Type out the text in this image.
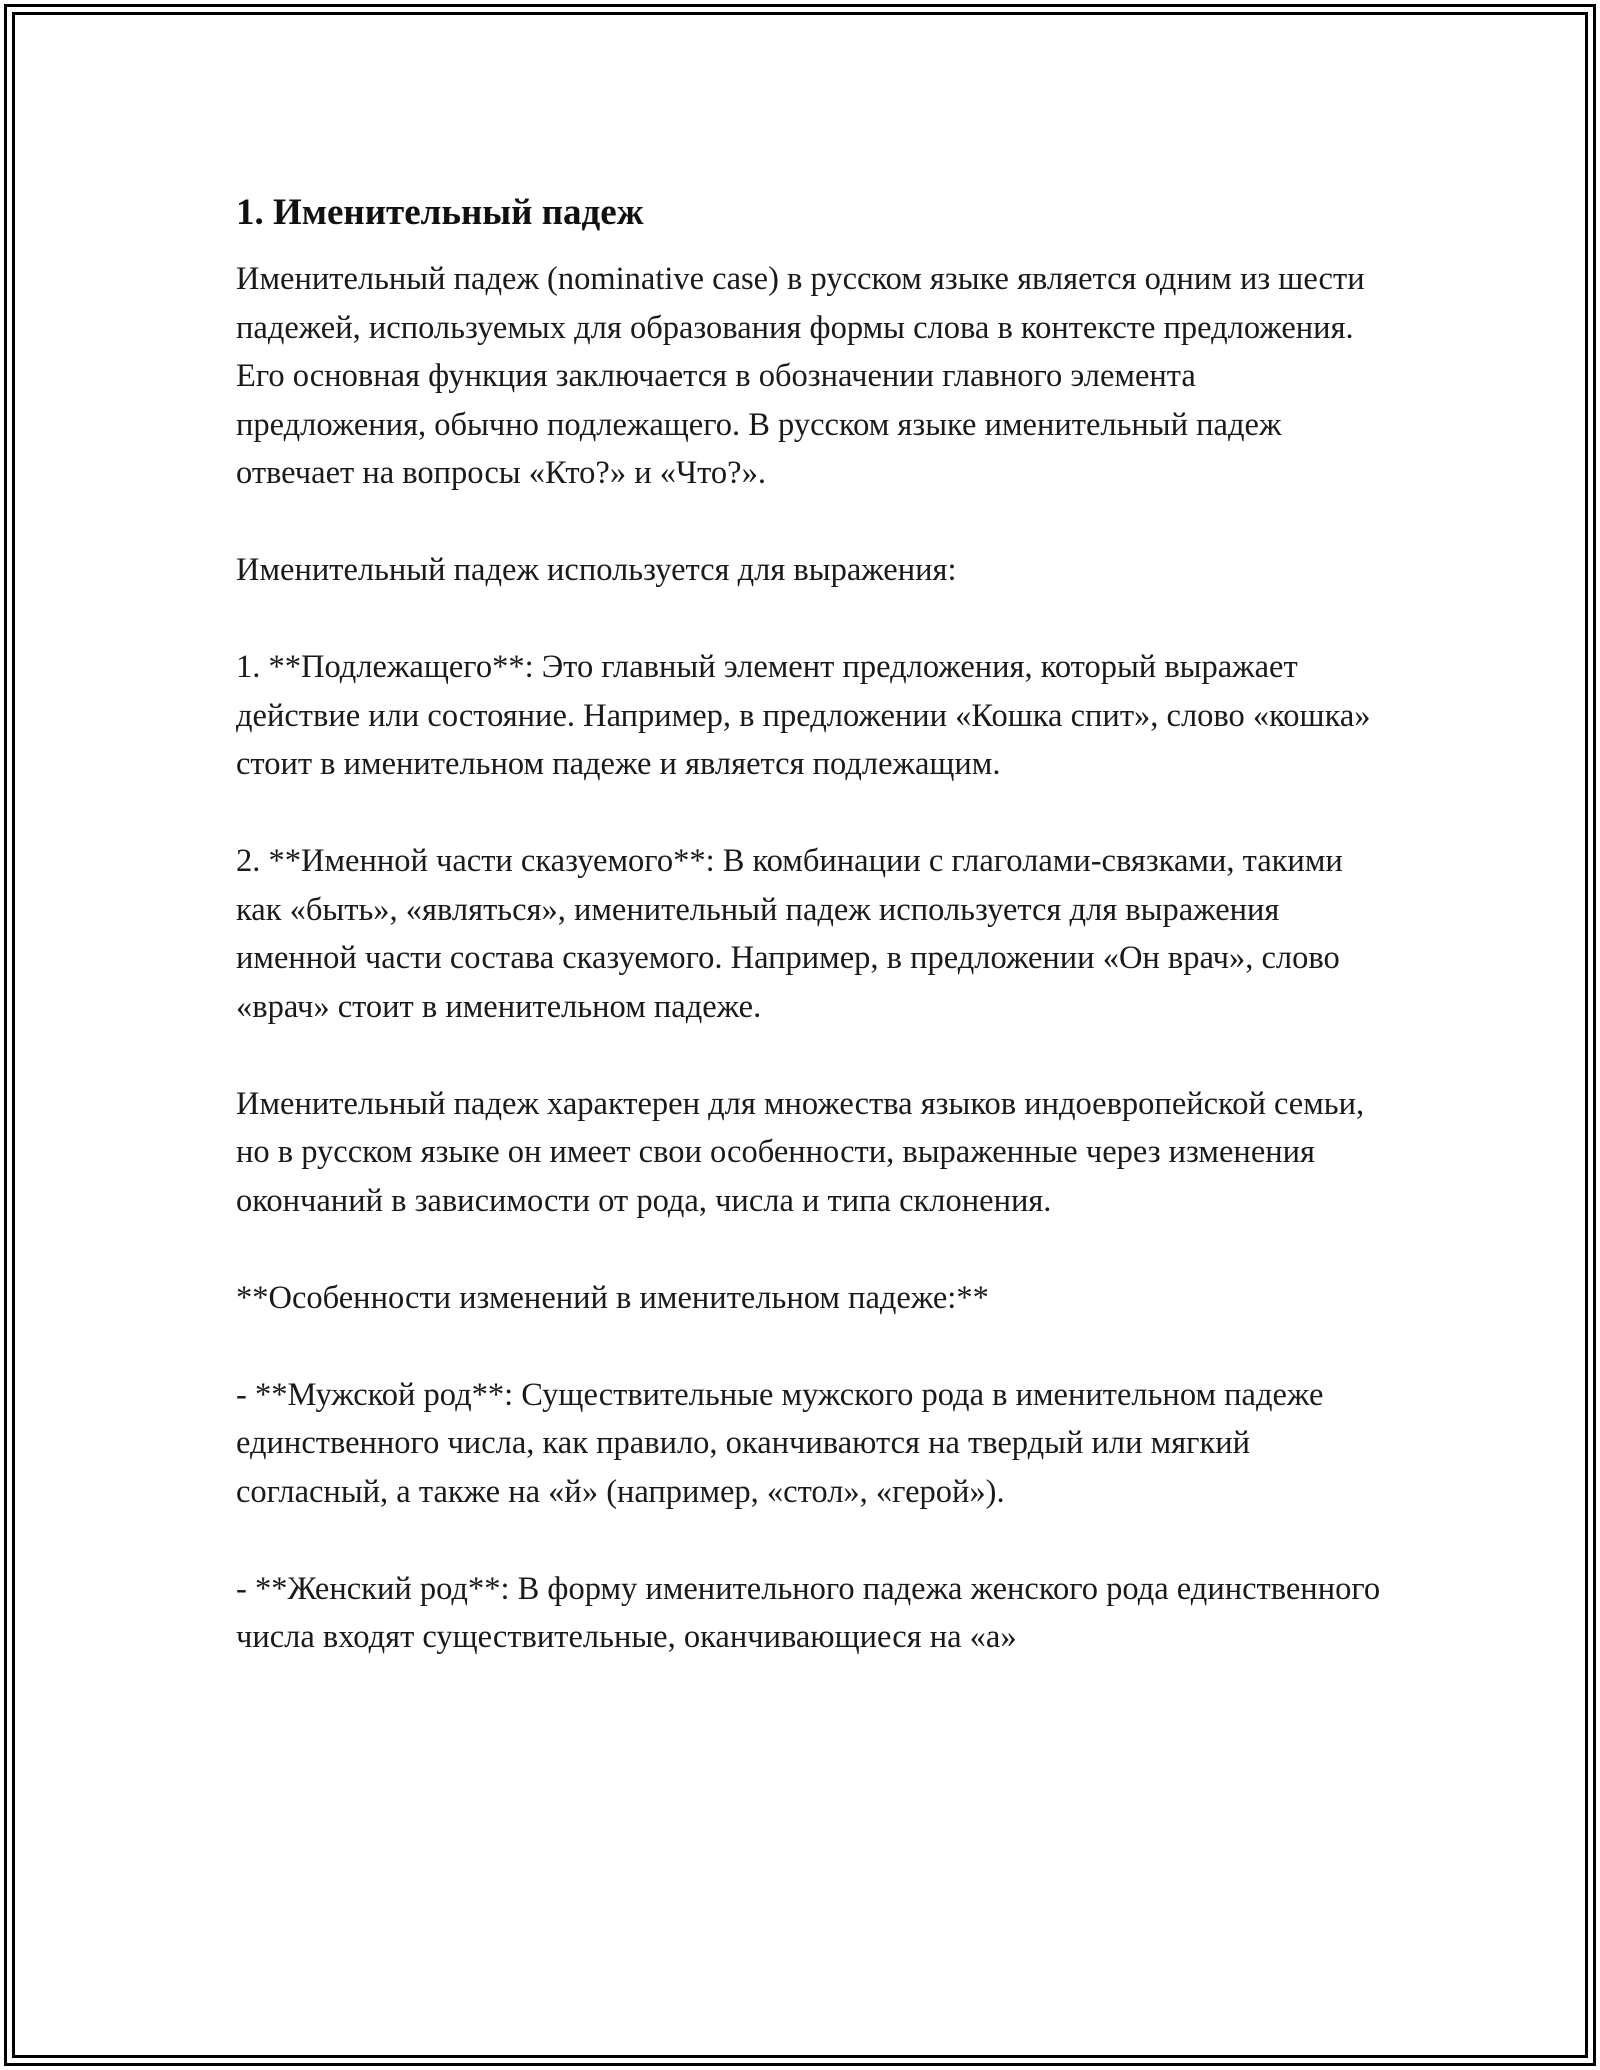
1. Именительный падеж

Именительный падеж (nominative case) в русском языке является одним из шести падежей, используемых для образования формы слова в контексте предложения. Его основная функция заключается в обозначении главного элемента предложения, обычно подлежащего. В русском языке именительный падеж отвечает на вопросы «Кто?» и «Что?».

Именительный падеж используется для выражения:

1. **Подлежащего**: Это главный элемент предложения, который выражает действие или состояние. Например, в предложении «Кошка спит», слово «кошка» стоит в именительном падеже и является подлежащим.

2. **Именной части сказуемого**: В комбинации с глаголами-связками, такими как «быть», «являться», именительный падеж используется для выражения именной части состава сказуемого. Например, в предложении «Он врач», слово «врач» стоит в именительном падеже.

Именительный падеж характерен для множества языков индоевропейской семьи, но в русском языке он имеет свои особенности, выраженные через изменения окончаний в зависимости от рода, числа и типа склонения.

**Особенности изменений в именительном падеже:**

- **Мужской род**: Существительные мужского рода в именительном падеже единственного числа, как правило, оканчиваются на твердый или мягкий согласный, а также на «й» (например, «стол», «герой»).

- **Женский род**: В форму именительного падежа женского рода единственного числа входят существительные, оканчивающиеся на «а»
